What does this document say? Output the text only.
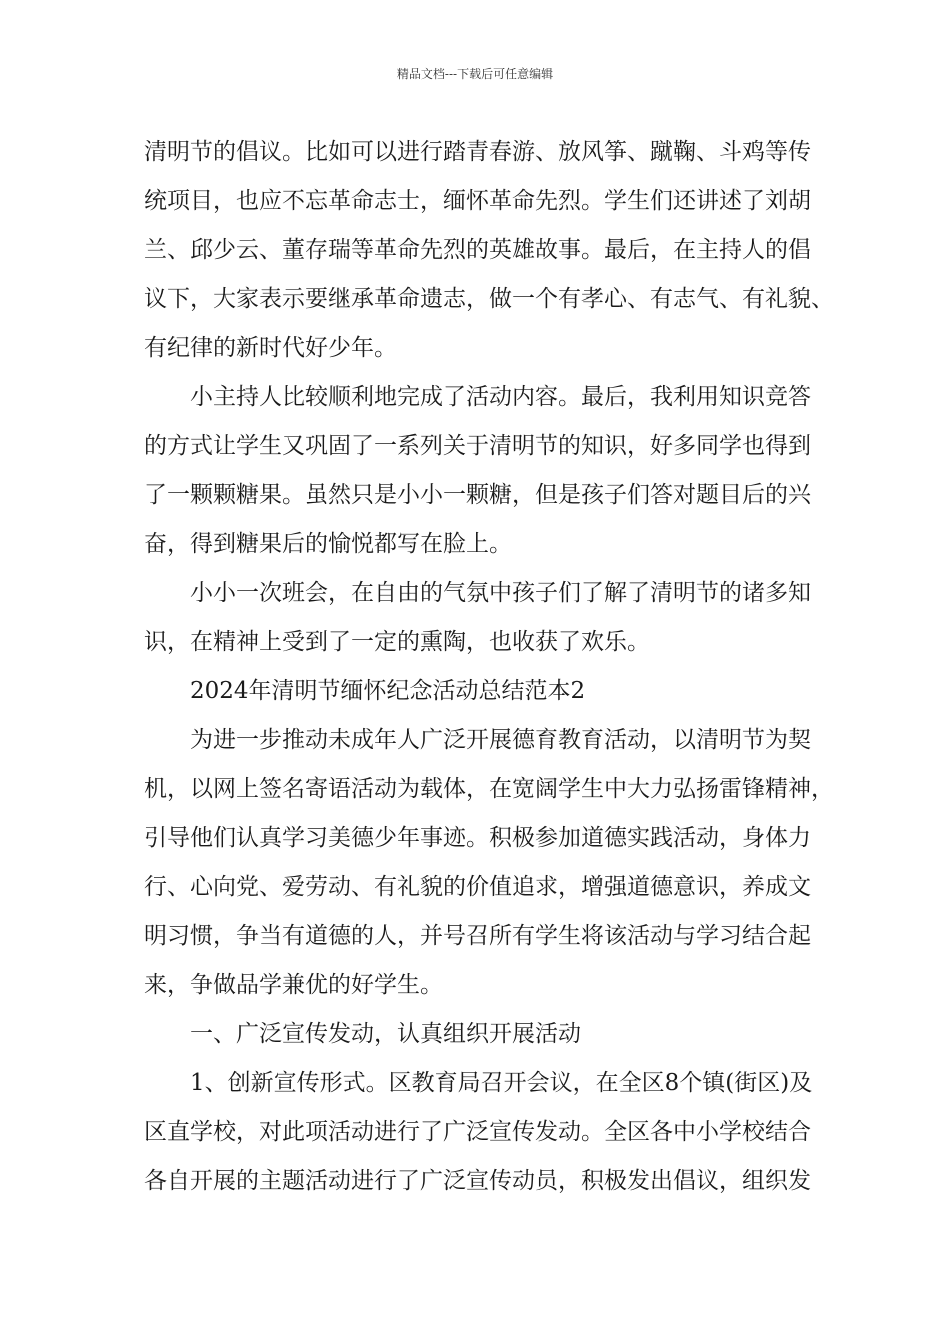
精品文档---下载后可任意编辑
清明节的倡议。比如可以进行踏青春游、放风筝、蹴鞠、斗鸡等传
统项目，也应不忘革命志士，缅怀革命先烈。学生们还讲述了刘胡
兰、邱少云、董存瑞等革命先烈的英雄故事。最后，在主持人的倡
议下，大家表示要继承革命遗志，做一个有孝心、有志气、有礼貌、
有纪律的新时代好少年。
小主持人比较顺利地完成了活动内容。最后，我利用知识竞答
的方式让学生又巩固了一系列关于清明节的知识，好多同学也得到
了一颗颗糖果。虽然只是小小一颗糖，但是孩子们答对题目后的兴
奋，得到糖果后的愉悦都写在脸上。
小小一次班会，在自由的气氛中孩子们了解了清明节的诸多知
识，在精神上受到了一定的熏陶，也收获了欢乐。
2024年清明节缅怀纪念活动总结范本2
为进一步推动未成年人广泛开展德育教育活动，以清明节为契
机，以网上签名寄语活动为载体，在宽阔学生中大力弘扬雷锋精神，
引导他们认真学习美德少年事迹。积极参加道德实践活动，身体力
行、心向党、爱劳动、有礼貌的价值追求，增强道德意识，养成文
明习惯，争当有道德的人，并号召所有学生将该活动与学习结合起
来，争做品学兼优的好学生。
一、广泛宣传发动，认真组织开展活动
1、创新宣传形式。区教育局召开会议，在全区8个镇(街区)及
区直学校，对此项活动进行了广泛宣传发动。全区各中小学校结合
各自开展的主题活动进行了广泛宣传动员，积极发出倡议，组织发
